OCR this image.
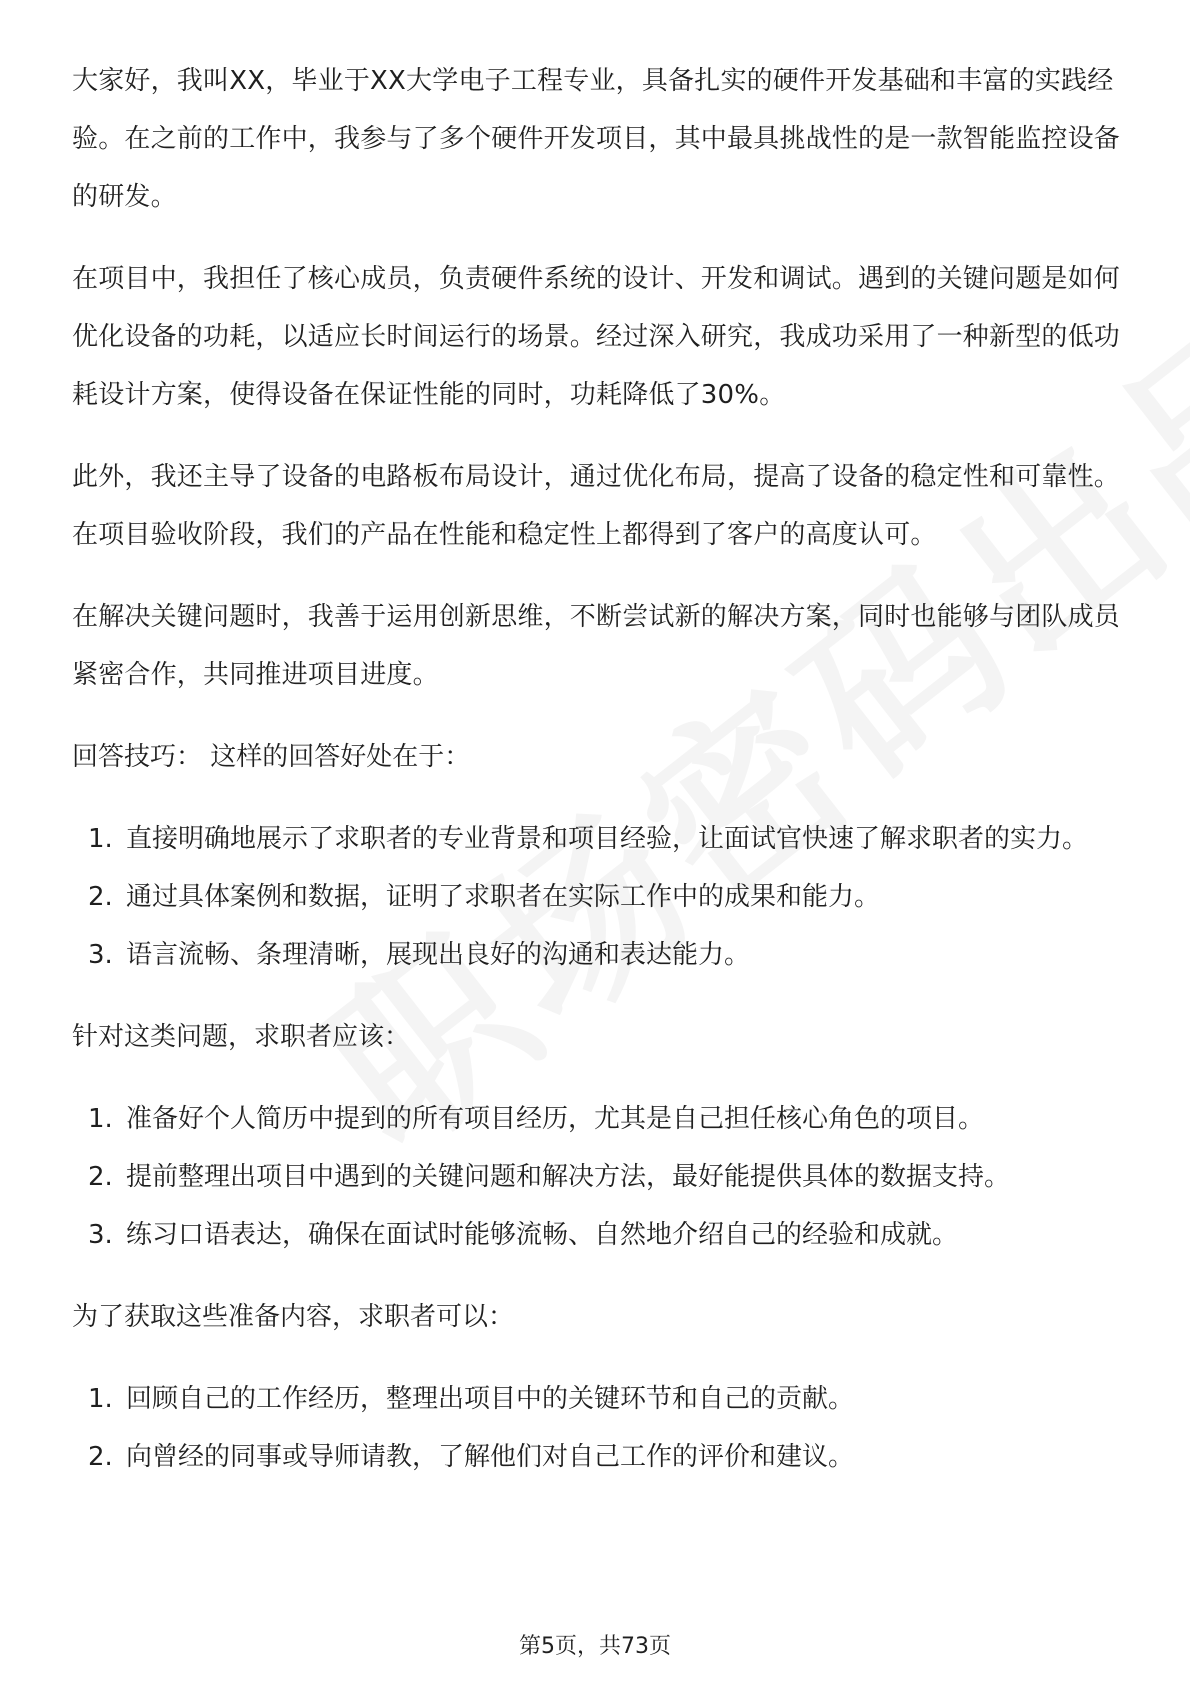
大家好，我叫XX，毕业于XX大学电子工程专业，具备扎实的硬件开发基础和丰富的实践经验。在之前的工作中，我参与了多个硬件开发项目，其中最具挑战性的是一款智能监控设备的研发。

在项目中，我担任了核心成员，负责硬件系统的设计、开发和调试。遇到的关键问题是如何优化设备的功耗，以适应长时间运行的场景。经过深入研究，我成功采用了一种新型的低功耗设计方案，使得设备在保证性能的同时，功耗降低了30%。

此外，我还主导了设备的电路板布局设计，通过优化布局，提高了设备的稳定性和可靠性。在项目验收阶段，我们的产品在性能和稳定性上都得到了客户的高度认可。

在解决关键问题时，我善于运用创新思维，不断尝试新的解决方案，同时也能够与团队成员紧密合作，共同推进项目进度。

回答技巧： 这样的回答好处在于：

1. 直接明确地展示了求职者的专业背景和项目经验，让面试官快速了解求职者的实力。
2. 通过具体案例和数据，证明了求职者在实际工作中的成果和能力。
3. 语言流畅、条理清晰，展现出良好的沟通和表达能力。

针对这类问题，求职者应该：

1. 准备好个人简历中提到的所有项目经历，尤其是自己担任核心角色的项目。
2. 提前整理出项目中遇到的关键问题和解决方法，最好能提供具体的数据支持。
3. 练习口语表达，确保在面试时能够流畅、自然地介绍自己的经验和成就。

为了获取这些准备内容，求职者可以：

1. 回顾自己的工作经历，整理出项目中的关键环节和自己的贡献。
2. 向曾经的同事或导师请教，了解他们对自己工作的评价和建议。
第5页，共73页
